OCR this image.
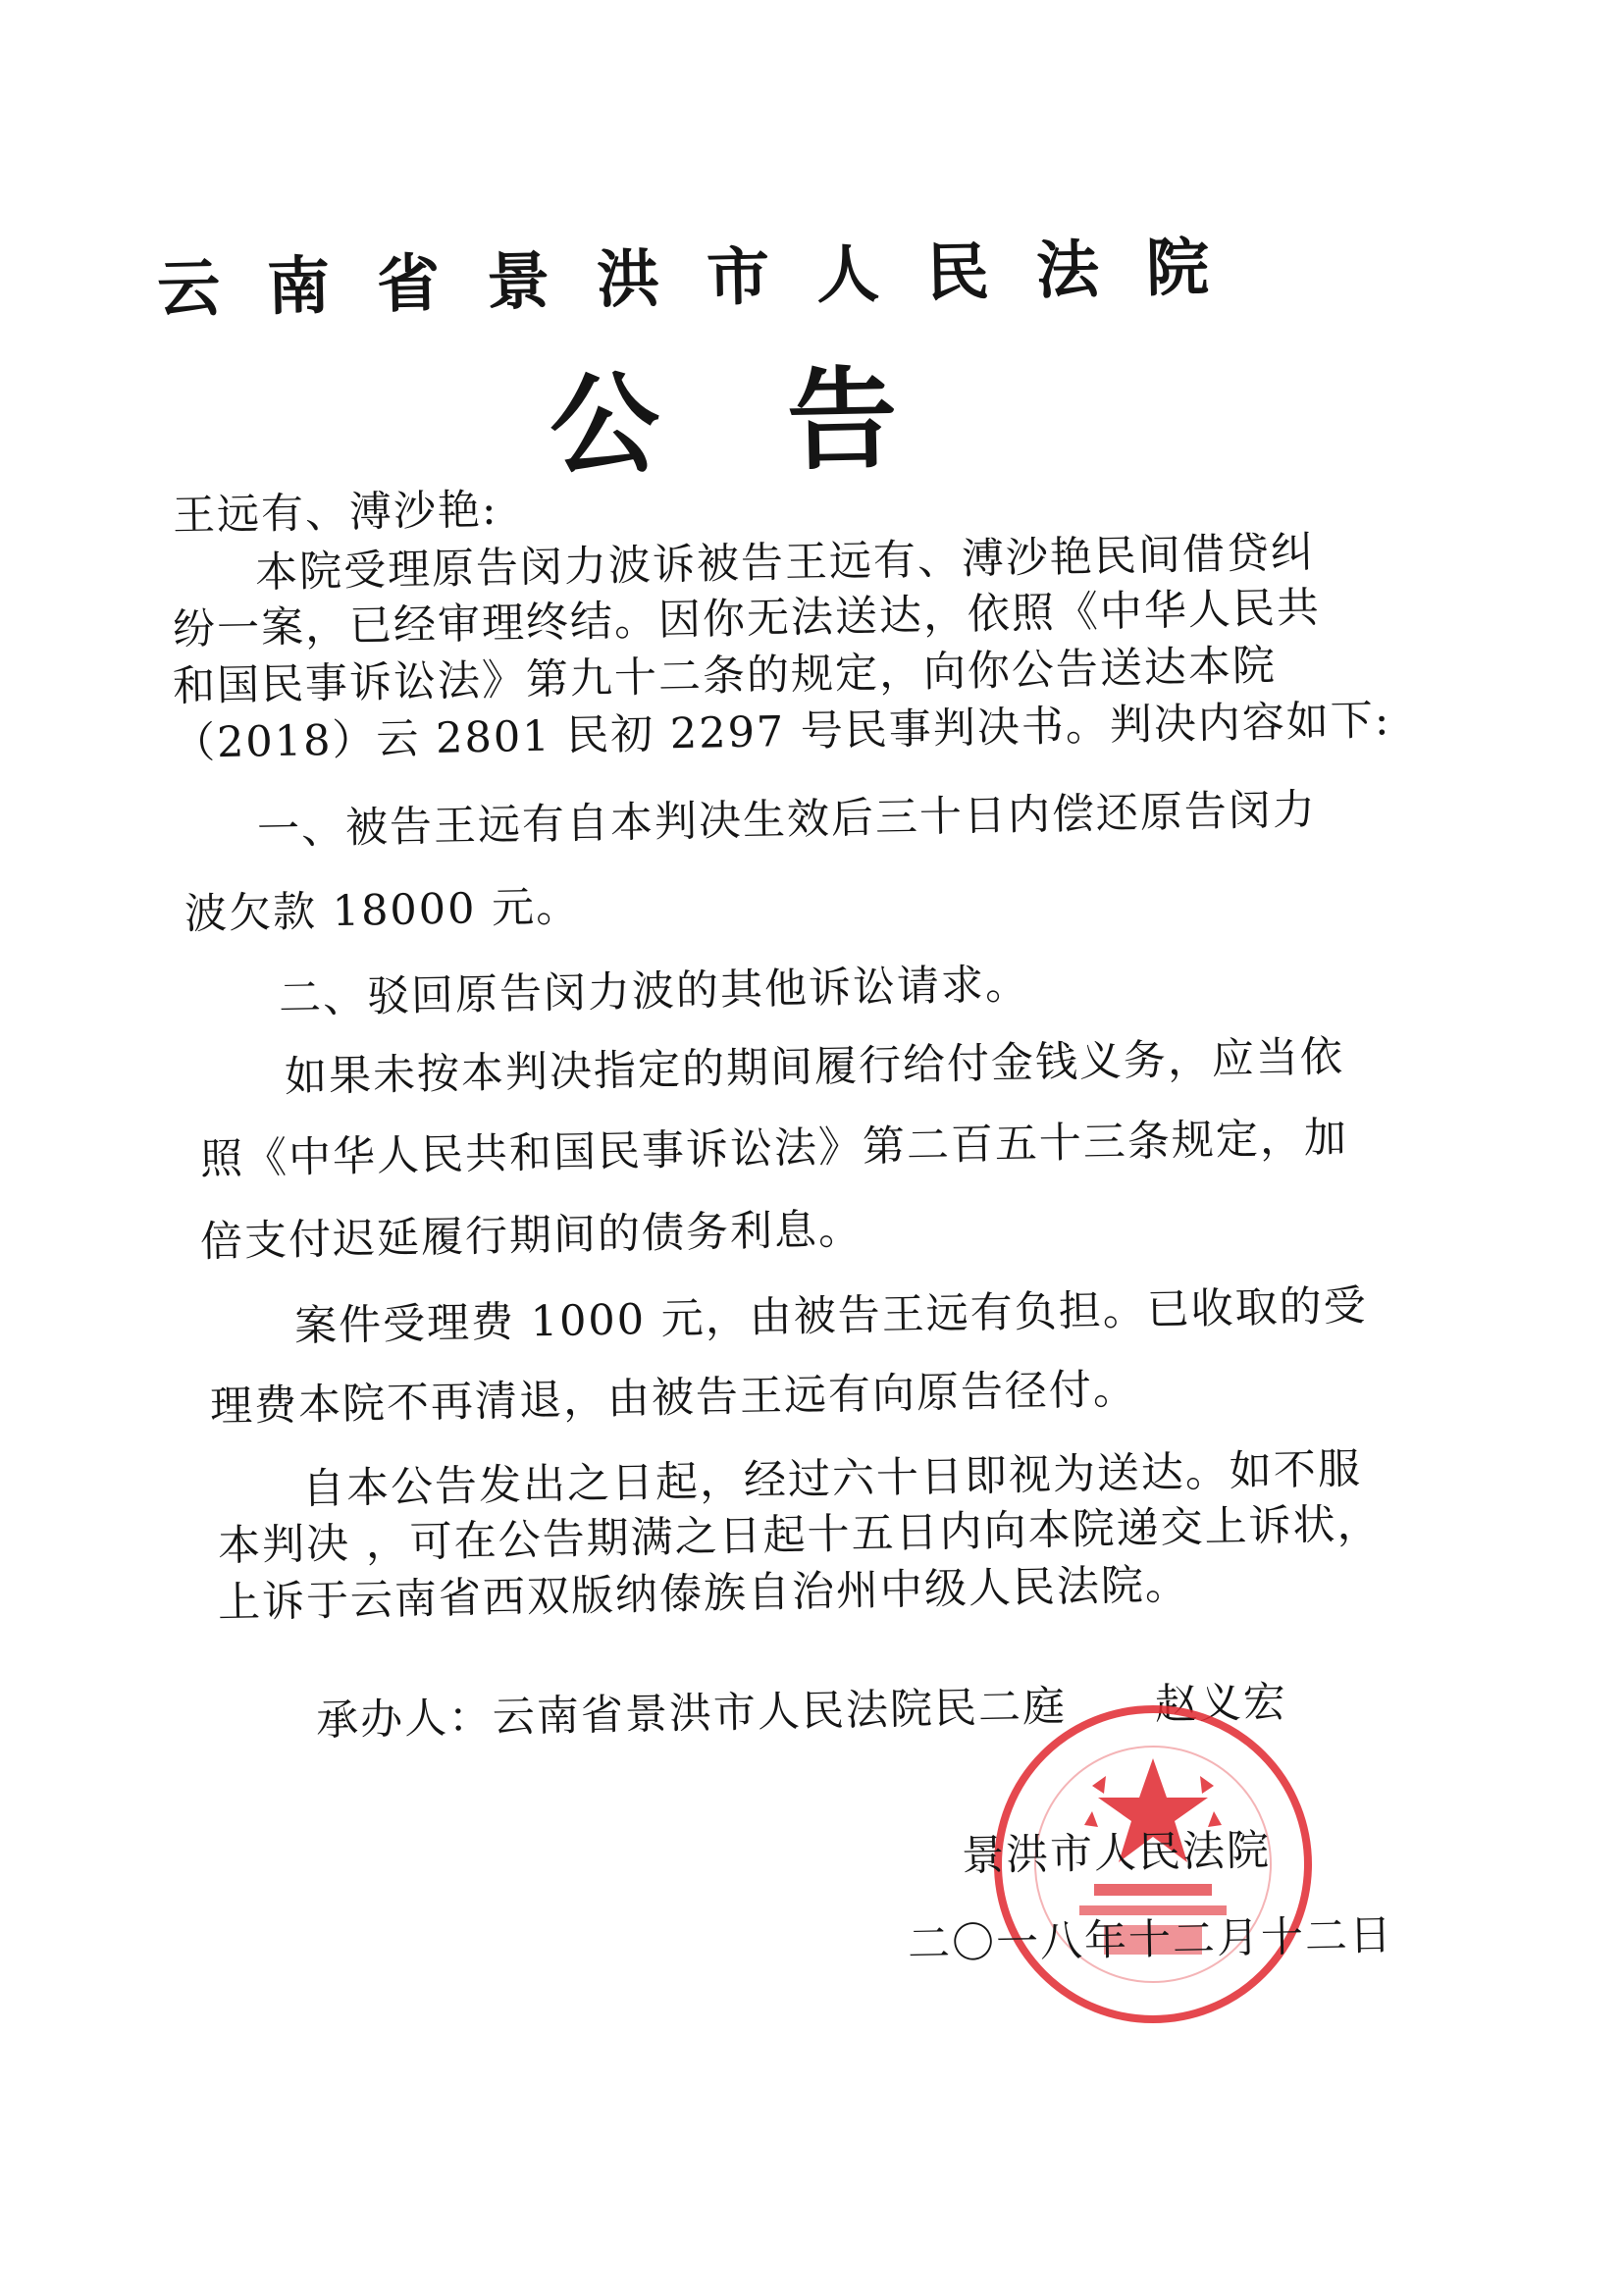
云南省景洪市人民法院
公告
王远有、溥沙艳:
本院受理原告闵力波诉被告王远有、溥沙艳民间借贷纠
纷一案，已经审理终结。因你无法送达，依照《中华人民共
和国民事诉讼法》第九十二条的规定，向你公告送达本院
（2018）云 2801 民初 2297 号民事判决书。判决内容如下:
一、被告王远有自本判决生效后三十日内偿还原告闵力
波欠款 18000 元。
二、驳回原告闵力波的其他诉讼请求。
如果未按本判决指定的期间履行给付金钱义务，应当依
照《中华人民共和国民事诉讼法》第二百五十三条规定，加
倍支付迟延履行期间的债务利息。
案件受理费 1000 元，由被告王远有负担。已收取的受
理费本院不再清退，由被告王远有向原告径付。
自本公告发出之日起，经过六十日即视为送达。如不服
本判决 ，可在公告期满之日起十五日内向本院递交上诉状，
上诉于云南省西双版纳傣族自治州中级人民法院。
承办人：云南省景洪市人民法院民二庭　　赵义宏
景洪市人民法院
二〇一八年十二月十二日
